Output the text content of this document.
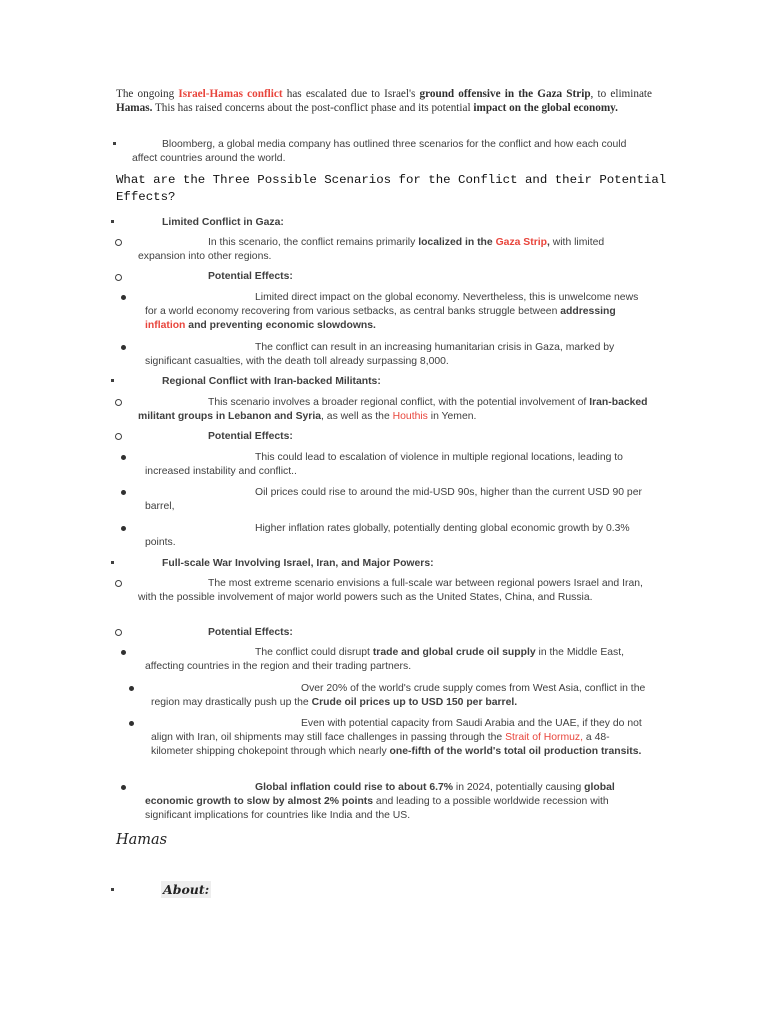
The ongoing Israel-Hamas conflict has escalated due to Israel's ground offensive in the Gaza Strip, to eliminate Hamas. This has raised concerns about the post-conflict phase and its potential impact on the global economy.
Bloomberg, a global media company has outlined three scenarios for the conflict and how each could affect countries around the world.
What are the Three Possible Scenarios for the Conflict and their Potential Effects?
Limited Conflict in Gaza:
In this scenario, the conflict remains primarily localized in the Gaza Strip, with limited expansion into other regions.
Potential Effects:
Limited direct impact on the global economy. Nevertheless, this is unwelcome news for a world economy recovering from various setbacks, as central banks struggle between addressing inflation and preventing economic slowdowns.
The conflict can result in an increasing humanitarian crisis in Gaza, marked by significant casualties, with the death toll already surpassing 8,000.
Regional Conflict with Iran-backed Militants:
This scenario involves a broader regional conflict, with the potential involvement of Iran-backed militant groups in Lebanon and Syria, as well as the Houthis in Yemen.
Potential Effects:
This could lead to escalation of violence in multiple regional locations, leading to increased instability and conflict..
Oil prices could rise to around the mid-USD 90s, higher than the current USD 90 per barrel,
Higher inflation rates globally, potentially denting global economic growth by 0.3% points.
Full-scale War Involving Israel, Iran, and Major Powers:
The most extreme scenario envisions a full-scale war between regional powers Israel and Iran, with the possible involvement of major world powers such as the United States, China, and Russia.
Potential Effects:
The conflict could disrupt trade and global crude oil supply in the Middle East, affecting countries in the region and their trading partners.
Over 20% of the world's crude supply comes from West Asia, conflict in the region may drastically push up the Crude oil prices up to USD 150 per barrel.
Even with potential capacity from Saudi Arabia and the UAE, if they do not align with Iran, oil shipments may still face challenges in passing through the Strait of Hormuz, a 48-kilometer shipping chokepoint through which nearly one-fifth of the world's total oil production transits.
Global inflation could rise to about 6.7% in 2024, potentially causing global economic growth to slow by almost 2% points and leading to a possible worldwide recession with significant implications for countries like India and the US.
Hamas
About:
